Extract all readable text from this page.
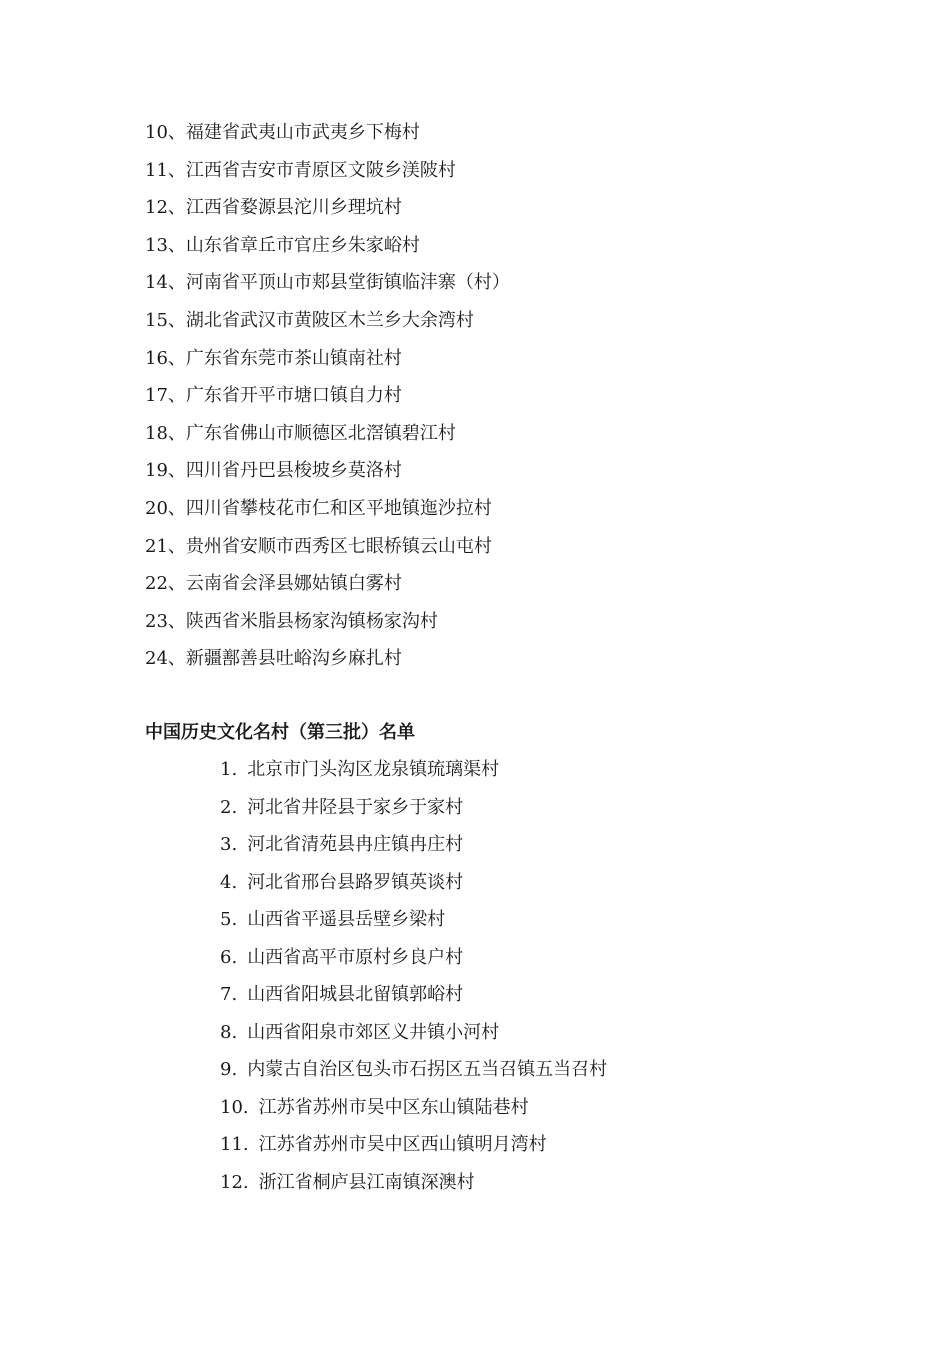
10、福建省武夷山市武夷乡下梅村
11、江西省吉安市青原区文陂乡渼陂村
12、江西省婺源县沱川乡理坑村
13、山东省章丘市官庄乡朱家峪村
14、河南省平顶山市郏县堂街镇临沣寨（村）
15、湖北省武汉市黄陂区木兰乡大余湾村
16、广东省东莞市茶山镇南社村
17、广东省开平市塘口镇自力村
18、广东省佛山市顺德区北滘镇碧江村
19、四川省丹巴县梭坡乡莫洛村
20、四川省攀枝花市仁和区平地镇迤沙拉村
21、贵州省安顺市西秀区七眼桥镇云山屯村
22、云南省会泽县娜姑镇白雾村
23、陕西省米脂县杨家沟镇杨家沟村
24、新疆鄯善县吐峪沟乡麻扎村
中国历史文化名村（第三批）名单
1. 北京市门头沟区龙泉镇琉璃渠村
2. 河北省井陉县于家乡于家村
3. 河北省清苑县冉庄镇冉庄村
4. 河北省邢台县路罗镇英谈村
5. 山西省平遥县岳壁乡梁村
6. 山西省高平市原村乡良户村
7. 山西省阳城县北留镇郭峪村
8. 山西省阳泉市郊区义井镇小河村
9. 内蒙古自治区包头市石拐区五当召镇五当召村
10. 江苏省苏州市吴中区东山镇陆巷村
11. 江苏省苏州市吴中区西山镇明月湾村
12. 浙江省桐庐县江南镇深澳村
